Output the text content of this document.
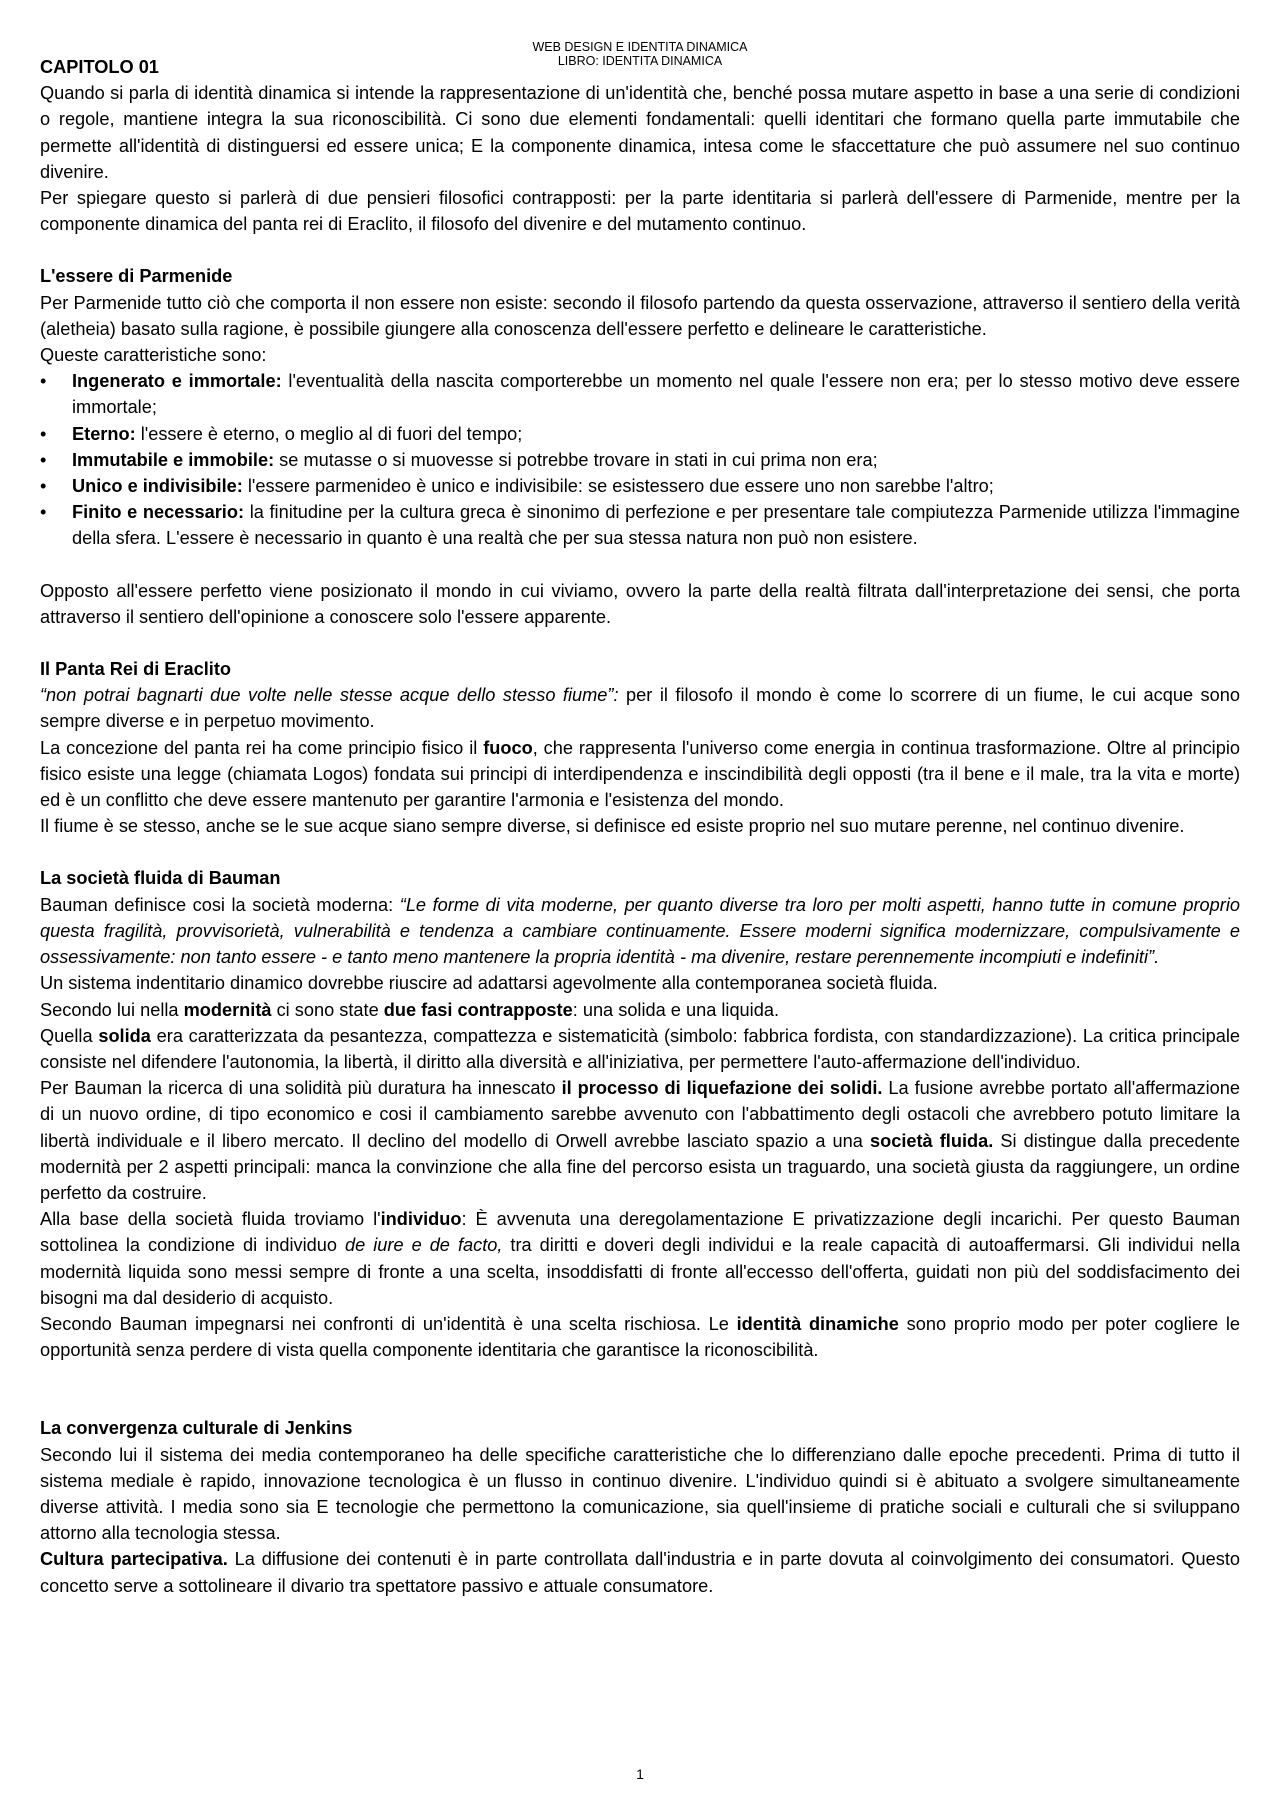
WEB DESIGN E IDENTITA DINAMICA
LIBRO: IDENTITA DINAMICA

CAPITOLO 01

Quando si parla di identità dinamica si intende la rappresentazione di un'identità che, benché possa mutare aspetto in base a una serie di condizioni o regole, mantiene integra la sua riconoscibilità. Ci sono due elementi fondamentali: quelli identitari che formano quella parte immutabile che permette all'identità di distinguersi ed essere unica; E la componente dinamica, intesa come le sfaccettature che può assumere nel suo continuo divenire.

Per spiegare questo si parlerà di due pensieri filosofici contrapposti: per la parte identitaria si parlerà dell'essere di Parmenide, mentre per la componente dinamica del panta rei di Eraclito, il filosofo del divenire e del mutamento continuo.

L'essere di Parmenide

Per Parmenide tutto ciò che comporta il non essere non esiste: secondo il filosofo partendo da questa osservazione, attraverso il sentiero della verità (aletheia) basato sulla ragione, è possibile giungere alla conoscenza dell'essere perfetto e delineare le caratteristiche.

Queste caratteristiche sono:

• Ingenerato e immortale: l'eventualità della nascita comporterebbe un momento nel quale l'essere non era; per lo stesso motivo deve essere immortale;
• Eterno: l'essere è eterno, o meglio al di fuori del tempo;
• Immutabile e immobile: se mutasse o si muovesse si potrebbe trovare in stati in cui prima non era;
• Unico e indivisibile: l'essere parmenideo è unico e indivisibile: se esistessero due essere uno non sarebbe l'altro;
• Finito e necessario: la finitudine per la cultura greca è sinonimo di perfezione e per presentare tale compiutezza Parmenide utilizza l'immagine della sfera. L'essere è necessario in quanto è una realtà che per sua stessa natura non può non esistere.

Opposto all'essere perfetto viene posizionato il mondo in cui viviamo, ovvero la parte della realtà filtrata dall'interpretazione dei sensi, che porta attraverso il sentiero dell'opinione a conoscere solo l'essere apparente.

Il Panta Rei di Eraclito

“non potrai bagnarti due volte nelle stesse acque dello stesso fiume”: per il filosofo il mondo è come lo scorrere di un fiume, le cui acque sono sempre diverse e in perpetuo movimento.

La concezione del panta rei ha come principio fisico il fuoco, che rappresenta l'universo come energia in continua trasformazione. Oltre al principio fisico esiste una legge (chiamata Logos) fondata sui principi di interdipendenza e inscindibilità degli opposti (tra il bene e il male, tra la vita e morte) ed è un conflitto che deve essere mantenuto per garantire l'armonia e l'esistenza del mondo.

Il fiume è se stesso, anche se le sue acque siano sempre diverse, si definisce ed esiste proprio nel suo mutare perenne, nel continuo divenire.

La società fluida di Bauman

Bauman definisce cosi la società moderna: “Le forme di vita moderne, per quanto diverse tra loro per molti aspetti, hanno tutte in comune proprio questa fragilità, provvisorietà, vulnerabilità e tendenza a cambiare continuamente. Essere moderni significa modernizzare, compulsivamente e ossessivamente: non tanto essere - e tanto meno mantenere la propria identità - ma divenire, restare perennemente incompiuti e indefiniti”.

Un sistema indentitario dinamico dovrebbe riuscire ad adattarsi agevolmente alla contemporanea società fluida.

Secondo lui nella modernità ci sono state due fasi contrapposte: una solida e una liquida.

Quella solida era caratterizzata da pesantezza, compattezza e sistematicità (simbolo: fabbrica fordista, con standardizzazione). La critica principale consiste nel difendere l'autonomia, la libertà, il diritto alla diversità e all'iniziativa, per permettere l'auto-affermazione dell'individuo.

Per Bauman la ricerca di una solidità più duratura ha innescato il processo di liquefazione dei solidi. La fusione avrebbe portato all'affermazione di un nuovo ordine, di tipo economico e cosi il cambiamento sarebbe avvenuto con l'abbattimento degli ostacoli che avrebbero potuto limitare la libertà individuale e il libero mercato. Il declino del modello di Orwell avrebbe lasciato spazio a una società fluida. Si distingue dalla precedente modernità per 2 aspetti principali: manca la convinzione che alla fine del percorso esista un traguardo, una società giusta da raggiungere, un ordine perfetto da costruire.

Alla base della società fluida troviamo l'individuo: È avvenuta una deregolamentazione E privatizzazione degli incarichi. Per questo Bauman sottolinea la condizione di individuo de iure e de facto, tra diritti e doveri degli individui e la reale capacità di autoaffermarsi. Gli individui nella modernità liquida sono messi sempre di fronte a una scelta, insoddisfatti di fronte all'eccesso dell'offerta, guidati non più del soddisfacimento dei bisogni ma dal desiderio di acquisto.

Secondo Bauman impegnarsi nei confronti di un'identità è una scelta rischiosa. Le identità dinamiche sono proprio modo per poter cogliere le opportunità senza perdere di vista quella componente identitaria che garantisce la riconoscibilità.

La convergenza culturale di Jenkins

Secondo lui il sistema dei media contemporaneo ha delle specifiche caratteristiche che lo differenziano dalle epoche precedenti. Prima di tutto il sistema mediale è rapido, innovazione tecnologica è un flusso in continuo divenire. L'individuo quindi si è abituato a svolgere simultaneamente diverse attività. I media sono sia E tecnologie che permettono la comunicazione, sia quell'insieme di pratiche sociali e culturali che si sviluppano attorno alla tecnologia stessa.

Cultura partecipativa. La diffusione dei contenuti è in parte controllata dall'industria e in parte dovuta al coinvolgimento dei consumatori. Questo concetto serve a sottolineare il divario tra spettatore passivo e attuale consumatore.

1
